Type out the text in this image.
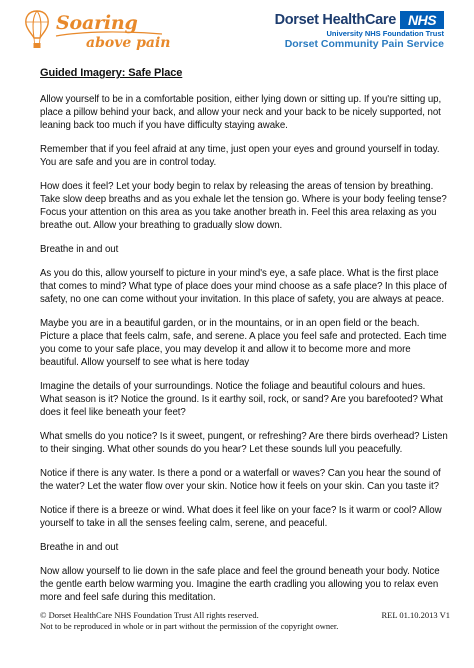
Soaring
above pain
Dorset HealthCare NHS
University NHS Foundation Trust
Dorset Community Pain Service
Guided Imagery: Safe Place

Allow yourself to be in a comfortable position, either lying down or sitting up. If you're sitting up, place a pillow behind your back, and allow your neck and your back to be nicely supported, not leaning back too much if you have difficulty staying awake.

Remember that if you feel afraid at any time, just open your eyes and ground yourself in today. You are safe and you are in control today.

How does it feel? Let your body begin to relax by releasing the areas of tension by breathing. Take slow deep breaths and as you exhale let the tension go. Where is your body feeling tense? Focus your attention on this area as you take another breath in. Feel this area relaxing as you breathe out. Allow your breathing to gradually slow down.

Breathe in and out

As you do this, allow yourself to picture in your mind's eye, a safe place. What is the first place that comes to mind? What type of place does your mind choose as a safe place? In this place of safety, no one can come without your invitation. In this place of safety, you are always at peace.

Maybe you are in a beautiful garden, or in the mountains, or in an open field or the beach. Picture a place that feels calm, safe, and serene. A place you feel safe and protected. Each time you come to your safe place, you may develop it and allow it to become more and more beautiful. Allow yourself to see what is here today

Imagine the details of your surroundings. Notice the foliage and beautiful colours and hues. What season is it? Notice the ground. Is it earthy soil, rock, or sand? Are you barefooted? What does it feel like beneath your feet?

What smells do you notice? Is it sweet, pungent, or refreshing? Are there birds overhead? Listen to their singing. What other sounds do you hear? Let these sounds lull you peacefully.

Notice if there is any water. Is there a pond or a waterfall or waves? Can you hear the sound of the water? Let the water flow over your skin. Notice how it feels on your skin. Can you taste it?

Notice if there is a breeze or wind. What does it feel like on your face? Is it warm or cool? Allow yourself to take in all the senses feeling calm, serene, and peaceful.

Breathe in and out

Now allow yourself to lie down in the safe place and feel the ground beneath your body. Notice
the gentle earth below warming you. Imagine the earth cradling you allowing you to relax even more and feel safe during this meditation.

© Dorset HealthCare NHS Foundation Trust All rights reserved.	REL 01.10.2013 V1
Not to be reproduced in whole or in part without the permission of the copyright owner.
